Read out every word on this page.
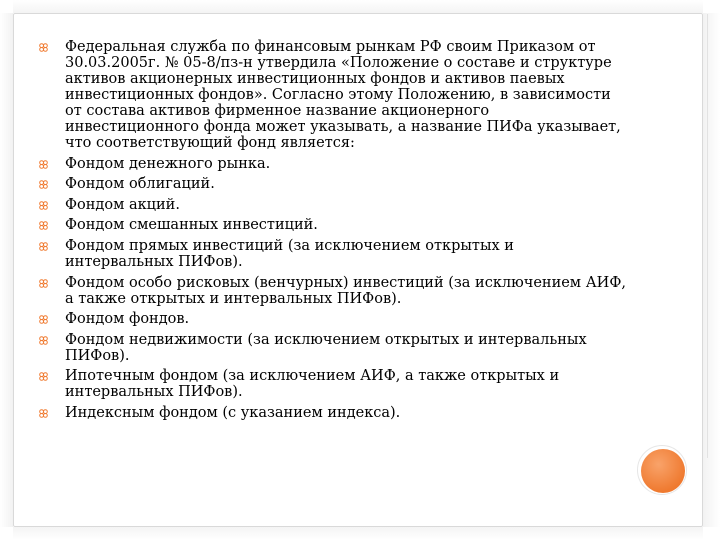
Федеральная служба по финансовым рынкам РФ своим Приказом от 30.03.2005г. № 05-8/пз-н утвердила «Положение о составе и структуре активов акционерных инвестиционных фондов и активов паевых инвестиционных фондов». Согласно этому Положению, в зависимости от состава активов фирменное название акционерного инвестиционного фонда может указывать, а название ПИФа указывает, что соответствующий фонд является:
Фондом денежного рынка.
Фондом облигаций.
Фондом акций.
Фондом смешанных инвестиций.
Фондом прямых инвестиций (за исключением открытых и интервальных ПИФов).
Фондом особо рисковых (венчурных) инвестиций (за исключением АИФ, а также открытых и интервальных ПИФов).
Фондом фондов.
Фондом недвижимости (за исключением открытых и интервальных ПИФов).
Ипотечным фондом (за исключением АИФ, а также открытых и интервальных ПИФов).
Индексным фондом (с указанием индекса).
